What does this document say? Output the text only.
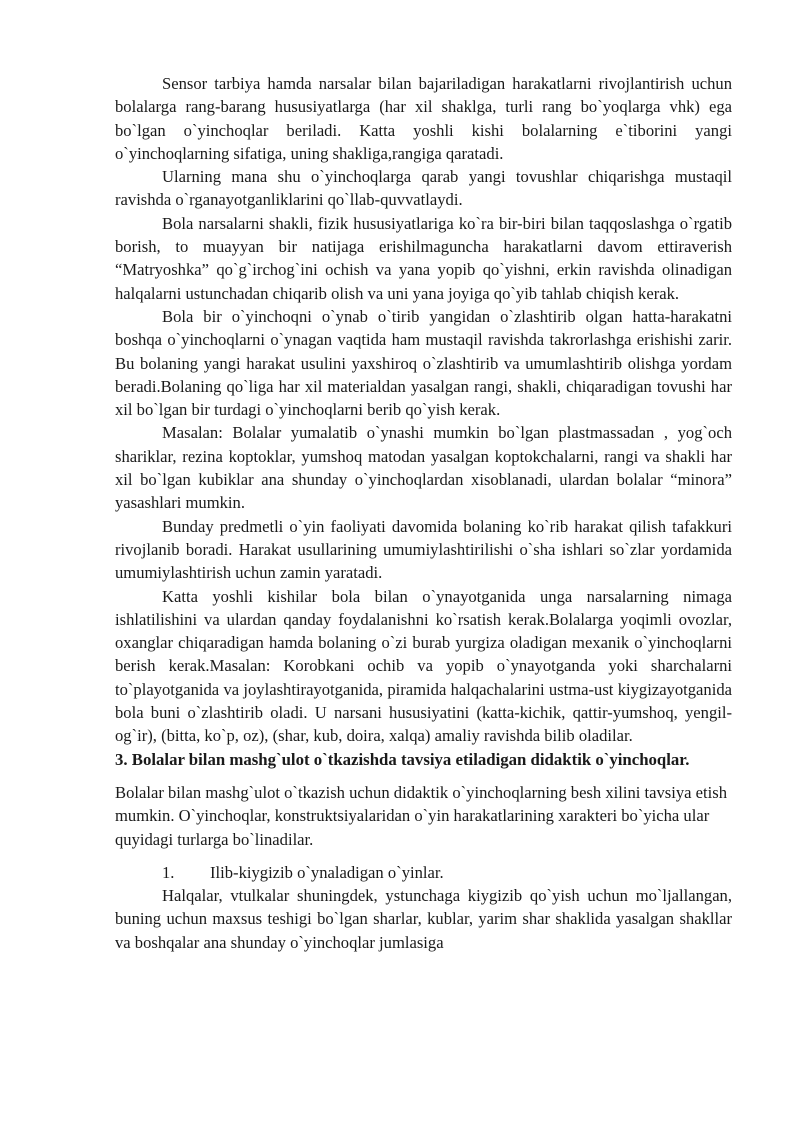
Sensor tarbiya hamda narsalar bilan bajariladigan harakatlarni rivojlantirish uchun bolalarga rang-barang hususiyatlarga (har xil shaklga, turli rang bo`yoqlarga vhk) ega bo`lgan o`yinchoqlar beriladi. Katta yoshli kishi bolalarning e`tiborini yangi o`yinchoqlarning sifatiga, uning shakliga,rangiga qaratadi.

Ularning mana shu o`yinchoqlarga qarab yangi tovushlar chiqarishga mustaqil ravishda o`rganayotganliklarini qo`llab-quvvatlaydi.

Bola narsalarni shakli, fizik hususiyatlariga ko`ra bir-biri bilan taqqoslashga o`rgatib borish, to muayyan bir natijaga erishilmaguncha harakatlarni davom ettiraverish “Matryoshka” qo`g`irchog`ini ochish va yana yopib qo`yishni, erkin ravishda olinadigan halqalarni ustunchadan chiqarib olish va uni yana joyiga qo`yib tahlab chiqish kerak.

Bola bir o`yinchoqni o`ynab o`tirib yangidan o`zlashtirib olgan hatta-harakatni boshqa o`yinchoqlarni o`ynagan vaqtida ham mustaqil ravishda takrorlashga erishishi zarir. Bu bolaning yangi harakat usulini yaxshiroq o`zlashtirib va umumlashtirib olishga yordam beradi.Bolaning qo`liga har xil materialdan yasalgan rangi, shakli, chiqaradigan tovushi har xil bo`lgan bir turdagi o`yinchoqlarni berib qo`yish kerak.

Masalan: Bolalar yumalatib o`ynashi mumkin bo`lgan plastmassadan , yog`och shariklar, rezina koptoklar, yumshoq matodan yasalgan koptokchalarni, rangi va shakli har xil bo`lgan kubiklar ana shunday o`yinchoqlardan xisoblanadi, ulardan bolalar “minora” yasashlari mumkin.

Bunday predmetli o`yin faoliyati davomida bolaning ko`rib harakat qilish tafakkuri rivojlanib boradi. Harakat usullarining umumiylashtirilishi o`sha ishlari so`zlar yordamida umumiylashtirish uchun zamin yaratadi.

Katta yoshli kishilar bola bilan o`ynayotganida unga narsalarning nimaga ishlatilishini va ulardan qanday foydalanishni ko`rsatish kerak.Bolalarga yoqimli ovozlar, oxanglar chiqaradigan hamda bolaning o`zi burab yurgiza oladigan mexanik o`yinchoqlarni berish kerak.Masalan: Korobkani ochib va yopib o`ynayotganda yoki sharchalarni to`playotganida va joylashtirayotganida, piramida halqachalarini ustma-ust kiygizayotganida bola buni o`zlashtirib oladi. U narsani hususiyatini (katta-kichik, qattir-yumshoq, yengil-og`ir), (bitta, ko`p, oz), (shar, kub, doira, xalqa) amaliy ravishda bilib oladilar.

3. Bolalar bilan mashg`ulot o`tkazishda tavsiya etiladigan didaktik o`yinchoqlar.

Bolalar bilan mashg`ulot o`tkazish uchun didaktik o`yinchoqlarning besh xilini tavsiya etish mumkin. O`yinchoqlar, konstruktsiyalaridan o`yin harakatlarining xarakteri bo`yicha ular quyidagi turlarga bo`linadilar.

1.	Ilib-kiygizib o`ynaladigan o`yinlar.

Halqalar, vtulkalar shuningdek, ystunchaga kiygizib qo`yish uchun mo`ljallangan, buning uchun maxsus teshigi bo`lgan sharlar, kublar, yarim shar shaklida yasalgan shakllar va boshqalar ana shunday o`yinchoqlar jumlasiga
